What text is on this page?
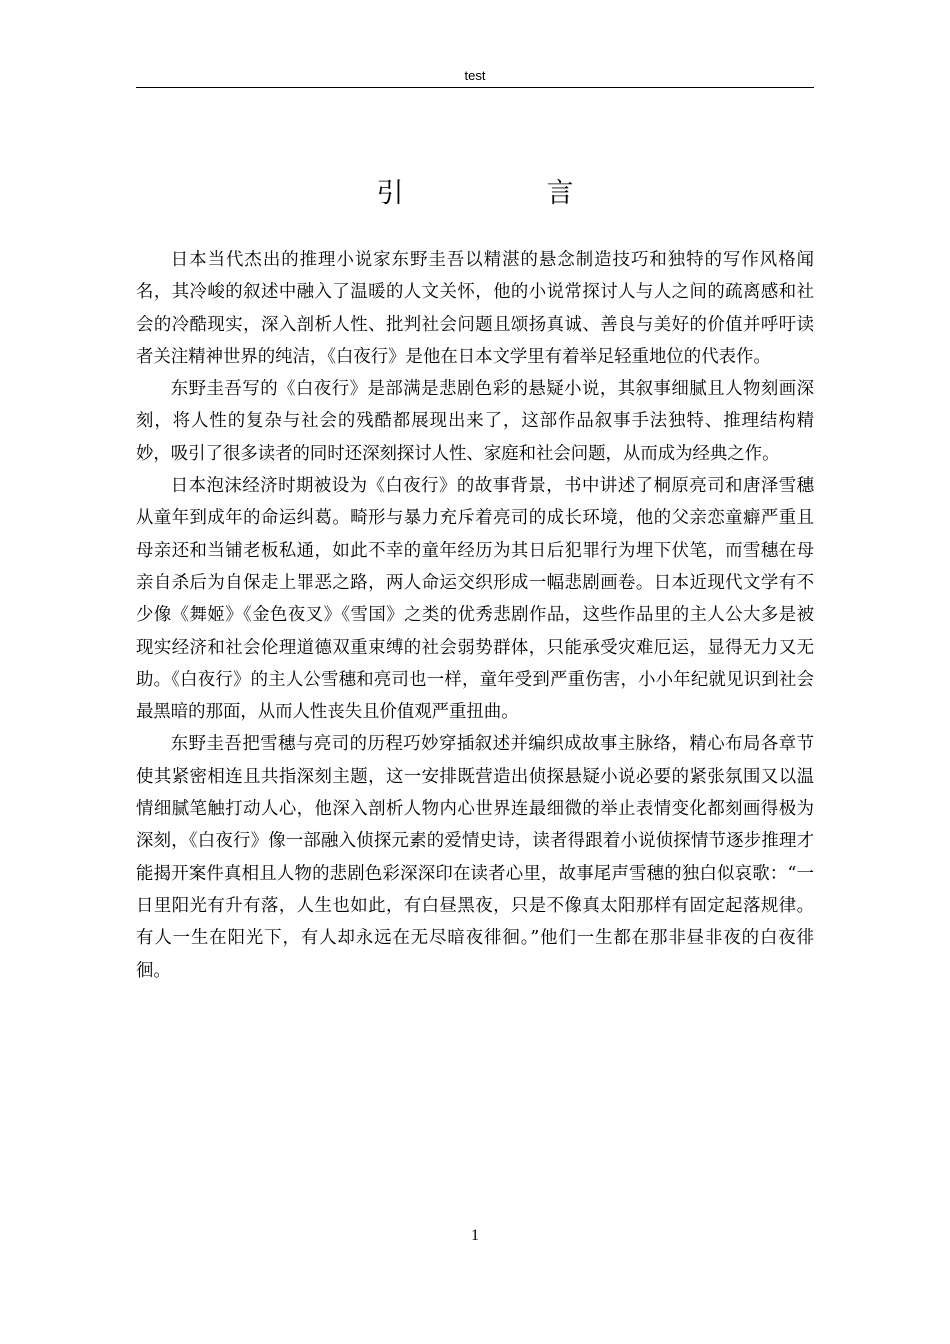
test
引　言

日本当代杰出的推理小说家东野圭吾以精湛的悬念制造技巧和独特的写作风格闻名，其冷峻的叙述中融入了温暖的人文关怀，他的小说常探讨人与人之间的疏离感和社会的冷酷现实，深入剖析人性、批判社会问题且颂扬真诚、善良与美好的价值并呼吁读者关注精神世界的纯洁，《白夜行》是他在日本文学里有着举足轻重地位的代表作。

东野圭吾写的《白夜行》是部满是悲剧色彩的悬疑小说，其叙事细腻且人物刻画深刻，将人性的复杂与社会的残酷都展现出来了，这部作品叙事手法独特、推理结构精妙，吸引了很多读者的同时还深刻探讨人性、家庭和社会问题，从而成为经典之作。

日本泡沫经济时期被设为《白夜行》的故事背景，书中讲述了桐原亮司和唐泽雪穗从童年到成年的命运纠葛。畸形与暴力充斥着亮司的成长环境，他的父亲恋童癖严重且母亲还和当铺老板私通，如此不幸的童年经历为其日后犯罪行为埋下伏笔，而雪穗在母亲自杀后为自保走上罪恶之路，两人命运交织形成一幅悲剧画卷。日本近现代文学有不少像《舞姬》《金色夜叉》《雪国》之类的优秀悲剧作品，这些作品里的主人公大多是被现实经济和社会伦理道德双重束缚的社会弱势群体，只能承受灾难厄运，显得无力又无助。《白夜行》的主人公雪穗和亮司也一样，童年受到严重伤害，小小年纪就见识到社会最黑暗的那面，从而人性丧失且价值观严重扭曲。

东野圭吾把雪穗与亮司的历程巧妙穿插叙述并编织成故事主脉络，精心布局各章节使其紧密相连且共指深刻主题，这一安排既营造出侦探悬疑小说必要的紧张氛围又以温情细腻笔触打动人心，他深入剖析人物内心世界连最细微的举止表情变化都刻画得极为深刻，《白夜行》像一部融入侦探元素的爱情史诗，读者得跟着小说侦探情节逐步推理才能揭开案件真相且人物的悲剧色彩深深印在读者心里，故事尾声雪穗的独白似哀歌：“一日里阳光有升有落，人生也如此，有白昼黑夜，只是不像真太阳那样有固定起落规律。有人一生在阳光下，有人却永远在无尽暗夜徘徊。”他们一生都在那非昼非夜的白夜徘徊。

1
